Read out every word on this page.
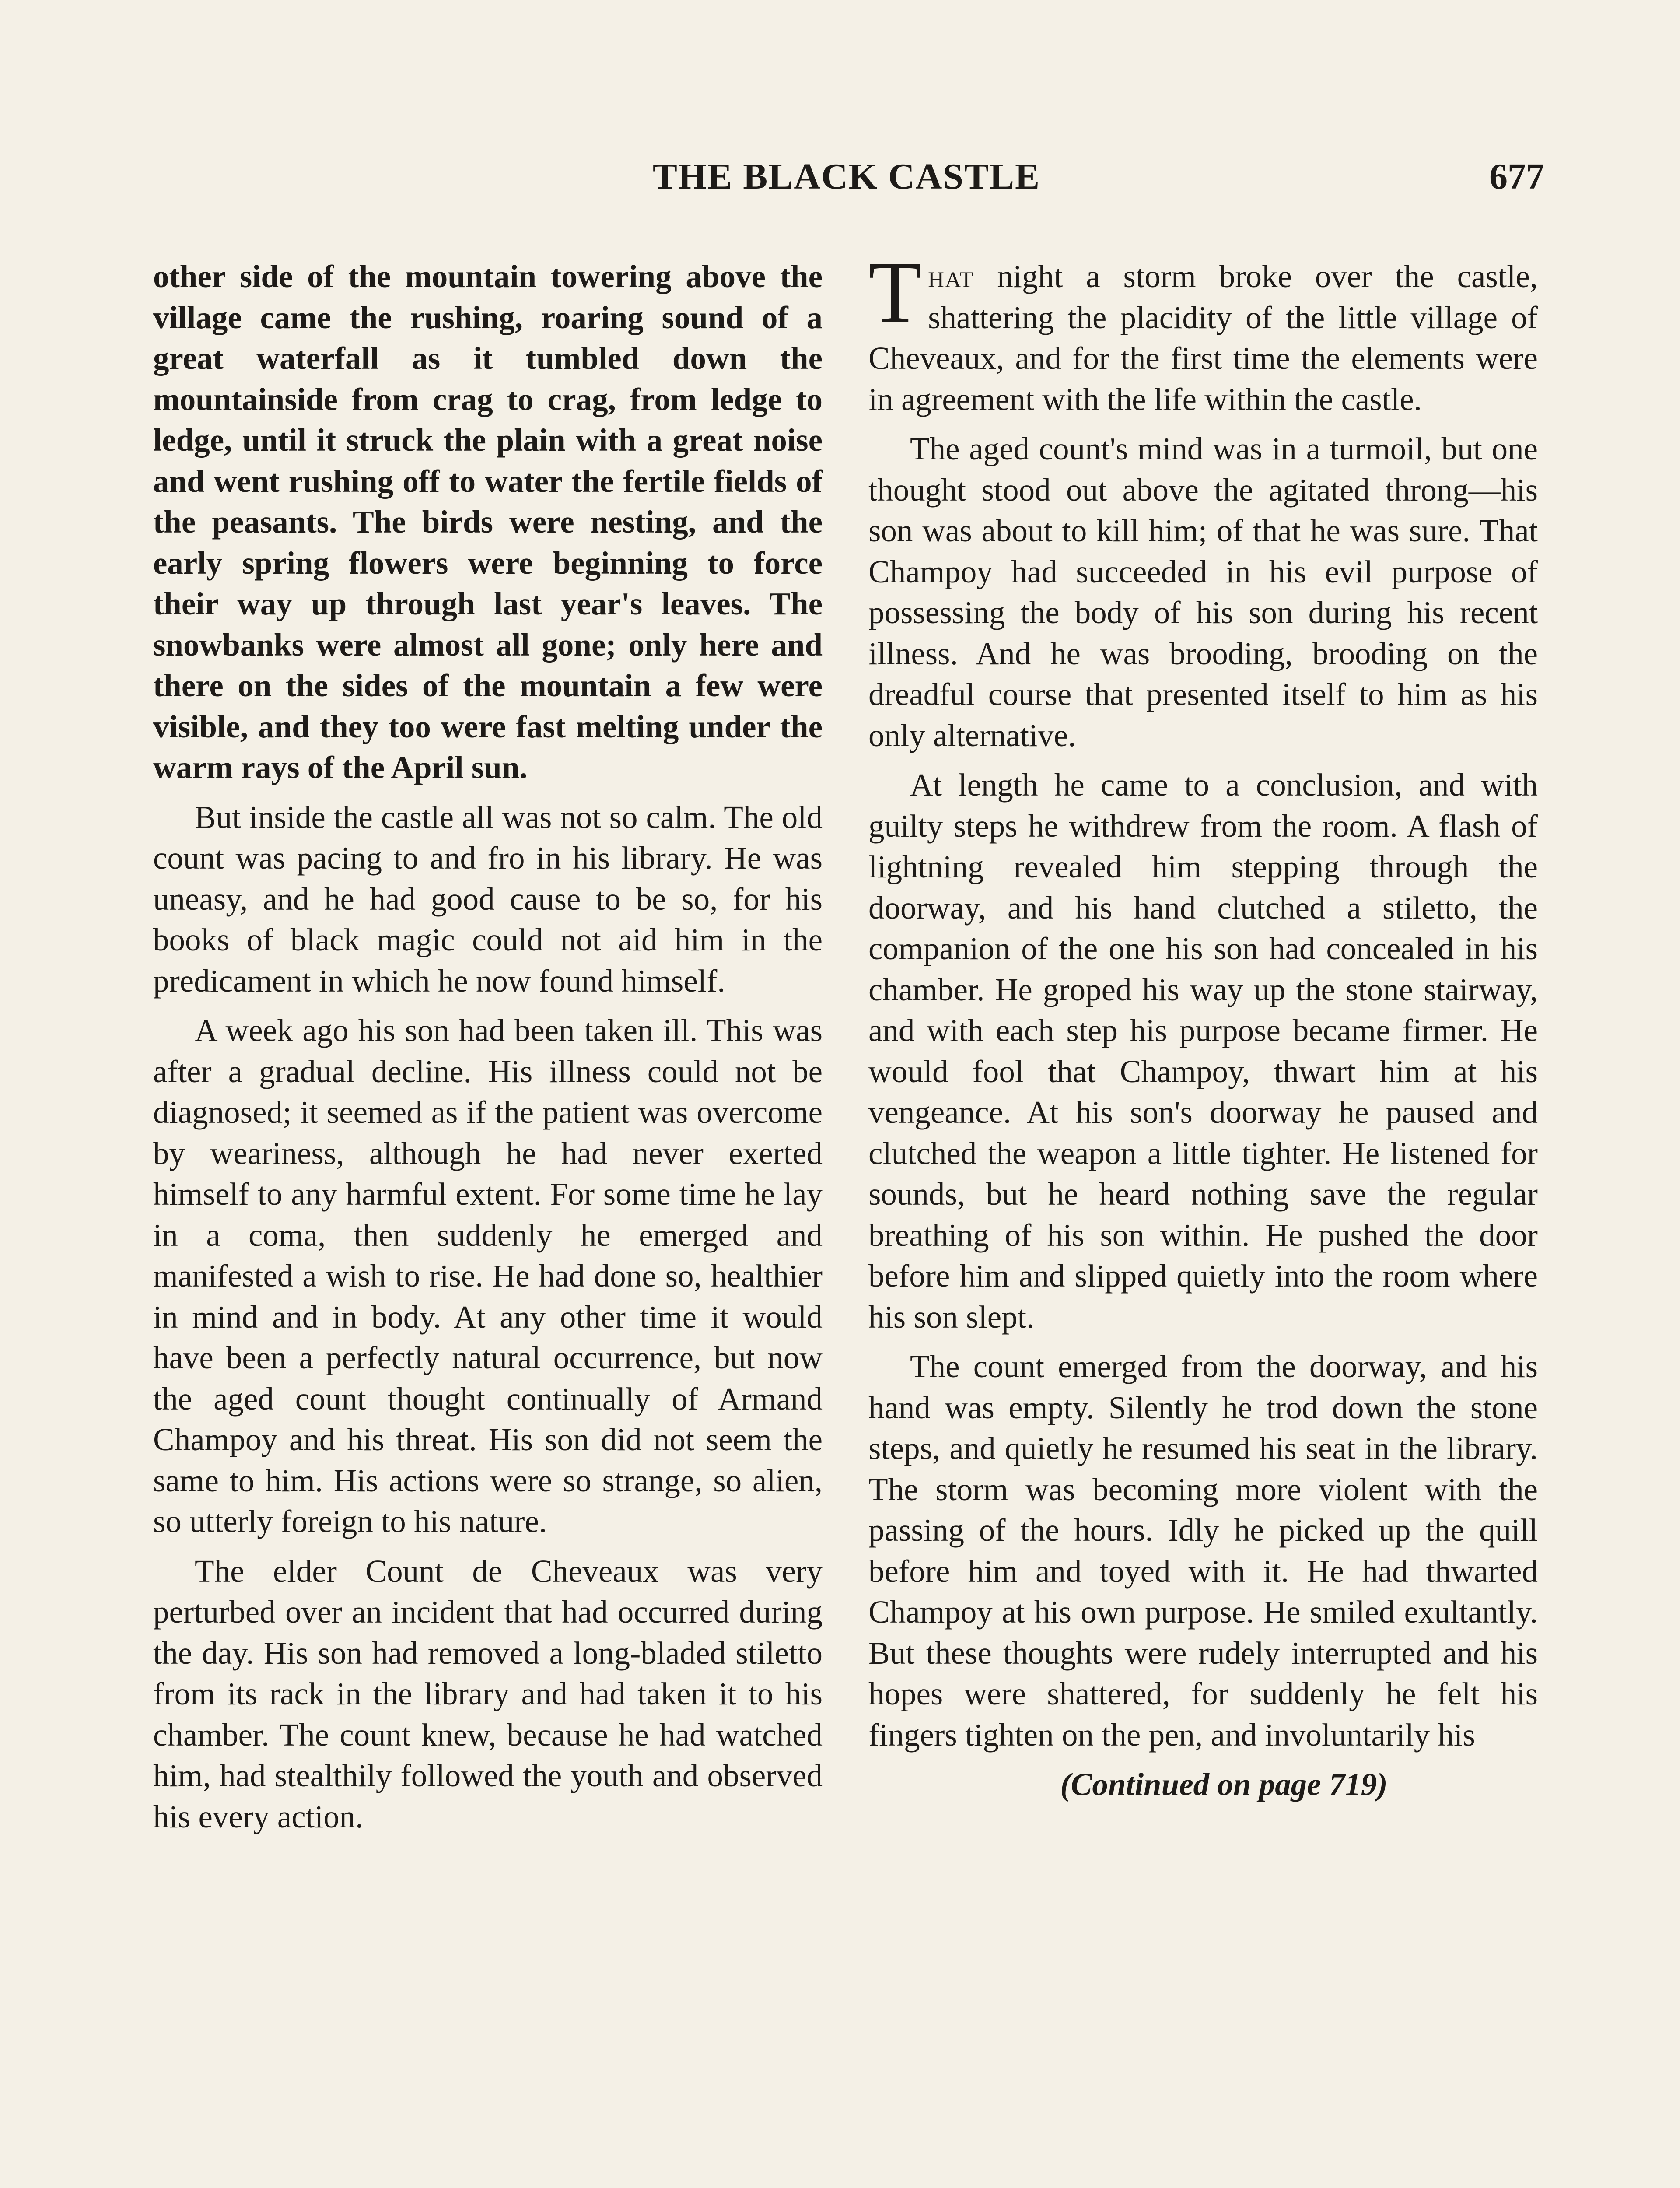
THE BLACK CASTLE	677

other side of the mountain towering above the village came the rushing, roaring sound of a great waterfall as it tumbled down the mountainside from crag to crag, from ledge to ledge, until it struck the plain with a great noise and went rushing off to water the fertile fields of the peasants. The birds were nesting, and the early spring flowers were beginning to force their way up through last year's leaves. The snowbanks were almost all gone; only here and there on the sides of the mountain a few were visible, and they too were fast melting under the warm rays of the April sun.

But inside the castle all was not so calm. The old count was pacing to and fro in his library. He was uneasy, and he had good cause to be so, for his books of black magic could not aid him in the predicament in which he now found himself.

A week ago his son had been taken ill. This was after a gradual decline. His illness could not be diagnosed; it seemed as if the patient was overcome by weariness, although he had never exerted himself to any harmful extent. For some time he lay in a coma, then suddenly he emerged and manifested a wish to rise. He had done so, healthier in mind and in body. At any other time it would have been a perfectly natural occurrence, but now the aged count thought continually of Armand Champoy and his threat. His son did not seem the same to him. His actions were so strange, so alien, so utterly foreign to his nature.

The elder Count de Cheveaux was very perturbed over an incident that had occurred during the day. His son had removed a long-bladed stiletto from its rack in the library and had taken it to his chamber. The count knew, because he had watched him, had stealthily followed the youth and observed his every action.

That night a storm broke over the castle, shattering the placidity of the little village of Cheveaux, and for the first time the elements were in agreement with the life within the castle.

The aged count's mind was in a turmoil, but one thought stood out above the agitated throng—his son was about to kill him; of that he was sure. That Champoy had succeeded in his evil purpose of possessing the body of his son during his recent illness. And he was brooding, brooding on the dreadful course that presented itself to him as his only alternative.

At length he came to a conclusion, and with guilty steps he withdrew from the room. A flash of lightning revealed him stepping through the doorway, and his hand clutched a stiletto, the companion of the one his son had concealed in his chamber. He groped his way up the stone stairway, and with each step his purpose became firmer. He would fool that Champoy, thwart him at his vengeance. At his son's doorway he paused and clutched the weapon a little tighter. He listened for sounds, but he heard nothing save the regular breathing of his son within. He pushed the door before him and slipped quietly into the room where his son slept.

The count emerged from the doorway, and his hand was empty. Silently he trod down the stone steps, and quietly he resumed his seat in the library. The storm was becoming more violent with the passing of the hours. Idly he picked up the quill before him and toyed with it. He had thwarted Champoy at his own purpose. He smiled exultantly. But these thoughts were rudely interrupted and his hopes were shattered, for suddenly he felt his fingers tighten on the pen, and involuntarily his

(Continued on page 719)
